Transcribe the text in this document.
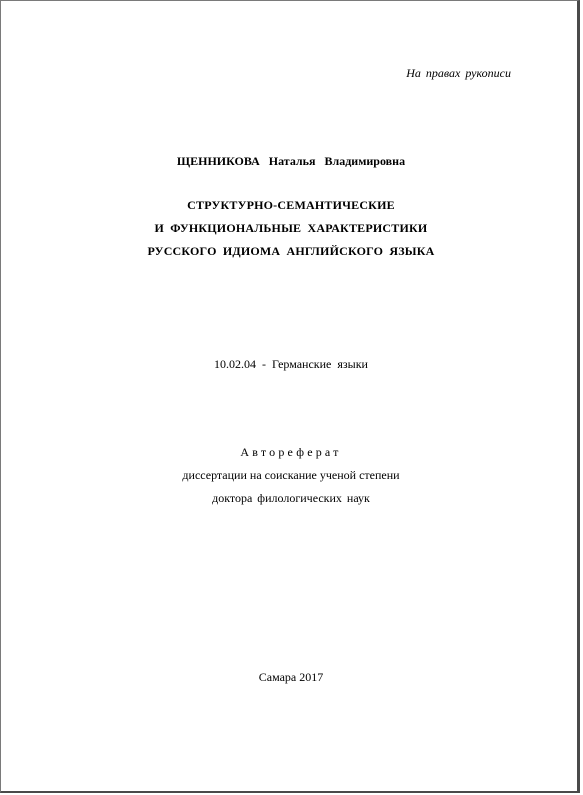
На правах рукописи
ЩЕННИКОВА Наталья Владимировна
СТРУКТУРНО-СЕМАНТИЧЕСКИЕ
И ФУНКЦИОНАЛЬНЫЕ ХАРАКТЕРИСТИКИ
РУССКОГО ИДИОМА АНГЛИЙСКОГО ЯЗЫКА
10.02.04 - Германские языки
Автореферат
диссертации на соискание ученой степени
доктора филологических наук
Самара 2017
